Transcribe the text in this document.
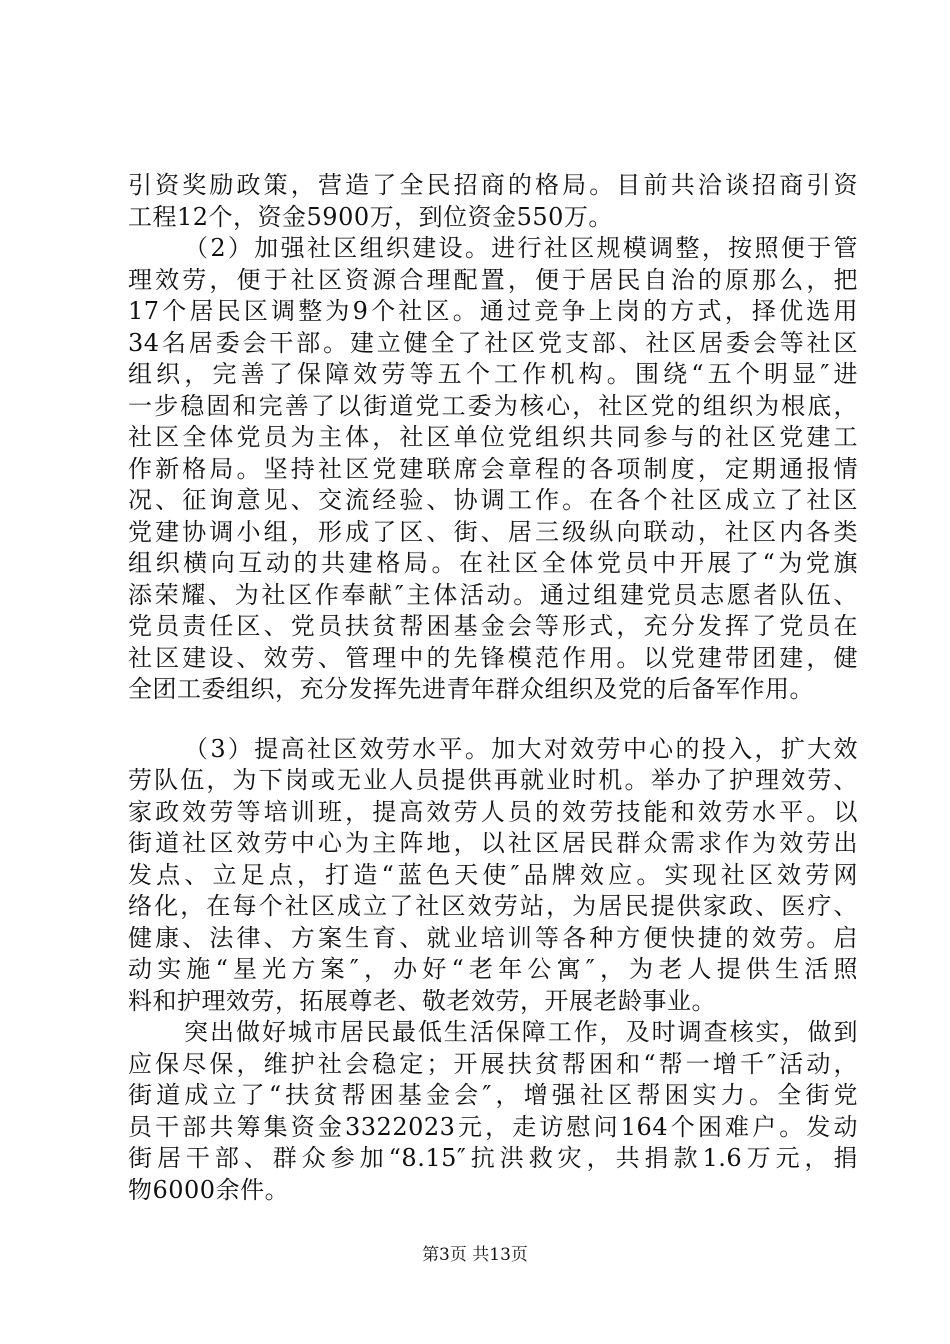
引资奖励政策，营造了全民招商的格局。目前共洽谈招商引资
工程12个，资金5900万，到位资金550万。
（2）加强社区组织建设。进行社区规模调整，按照便于管
理效劳，便于社区资源合理配置，便于居民自治的原那么，把
17个居民区调整为9个社区。通过竞争上岗的方式，择优选用
34名居委会干部。建立健全了社区党支部、社区居委会等社区
组织，完善了保障效劳等五个工作机构。围绕“五个明显″进
一步稳固和完善了以街道党工委为核心，社区党的组织为根底，
社区全体党员为主体，社区单位党组织共同参与的社区党建工
作新格局。坚持社区党建联席会章程的各项制度，定期通报情
况、征询意见、交流经验、协调工作。在各个社区成立了社区
党建协调小组，形成了区、街、居三级纵向联动，社区内各类
组织横向互动的共建格局。在社区全体党员中开展了“为党旗
添荣耀、为社区作奉献″主体活动。通过组建党员志愿者队伍、
党员责任区、党员扶贫帮困基金会等形式，充分发挥了党员在
社区建设、效劳、管理中的先锋模范作用。以党建带团建，健
全团工委组织，充分发挥先进青年群众组织及党的后备军作用。
（3）提高社区效劳水平。加大对效劳中心的投入，扩大效
劳队伍，为下岗或无业人员提供再就业时机。举办了护理效劳、
家政效劳等培训班，提高效劳人员的效劳技能和效劳水平。以
街道社区效劳中心为主阵地，以社区居民群众需求作为效劳出
发点、立足点，打造“蓝色天使″品牌效应。实现社区效劳网
络化，在每个社区成立了社区效劳站，为居民提供家政、医疗、
健康、法律、方案生育、就业培训等各种方便快捷的效劳。启
动实施“星光方案″，办好“老年公寓″，为老人提供生活照
料和护理效劳，拓展尊老、敬老效劳，开展老龄事业。
突出做好城市居民最低生活保障工作，及时调查核实，做到
应保尽保，维护社会稳定；开展扶贫帮困和“帮一增千″活动，
街道成立了“扶贫帮困基金会″，增强社区帮困实力。全街党
员干部共筹集资金3322023元，走访慰问164个困难户。发动
街居干部、群众参加“8.15″抗洪救灾，共捐款1.6万元，捐
物6000余件。
第3页 共13页
